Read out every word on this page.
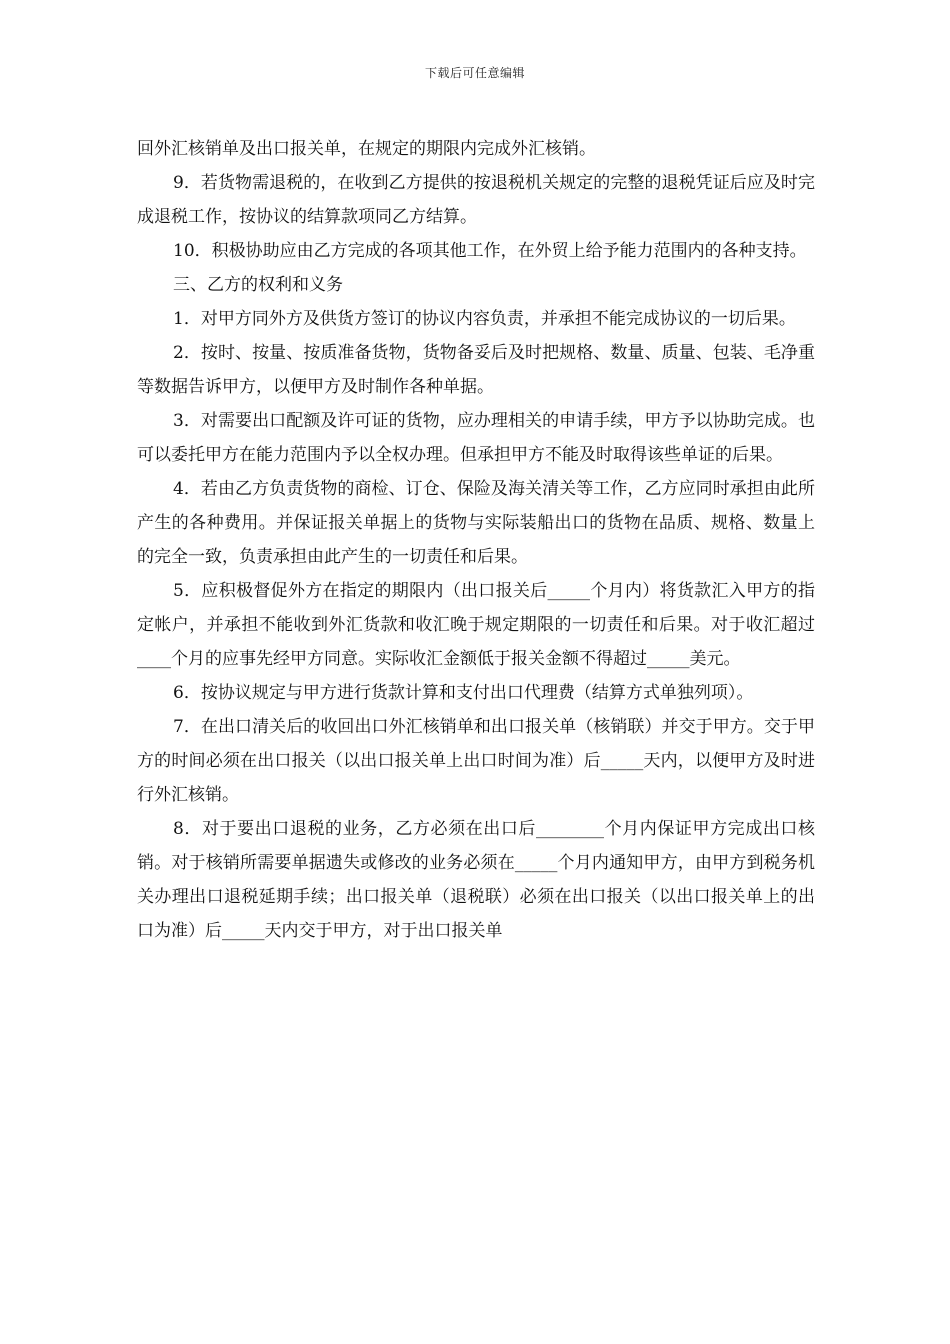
下载后可任意编辑

回外汇核销单及出口报关单，在规定的期限内完成外汇核销。

9．若货物需退税的，在收到乙方提供的按退税机关规定的完整的退税凭证后应及时完成退税工作，按协议的结算款项同乙方结算。

10．积极协助应由乙方完成的各项其他工作，在外贸上给予能力范围内的各种支持。

三、乙方的权利和义务

1．对甲方同外方及供货方签订的协议内容负责，并承担不能完成协议的一切后果。

2．按时、按量、按质准备货物，货物备妥后及时把规格、数量、质量、包装、毛净重等数据告诉甲方，以便甲方及时制作各种单据。

3．对需要出口配额及许可证的货物，应办理相关的申请手续，甲方予以协助完成。也可以委托甲方在能力范围内予以全权办理。但承担甲方不能及时取得该些单证的后果。

4．若由乙方负责货物的商检、订仓、保险及海关清关等工作，乙方应同时承担由此所产生的各种费用。并保证报关单据上的货物与实际装船出口的货物在品质、规格、数量上的完全一致，负责承担由此产生的一切责任和后果。

5．应积极督促外方在指定的期限内（出口报关后_____个月内）将货款汇入甲方的指定帐户，并承担不能收到外汇货款和收汇晚于规定期限的一切责任和后果。对于收汇超过____个月的应事先经甲方同意。实际收汇金额低于报关金额不得超过_____美元。

6．按协议规定与甲方进行货款计算和支付出口代理费（结算方式单独列项）。

7．在出口清关后的收回出口外汇核销单和出口报关单（核销联）并交于甲方。交于甲方的时间必须在出口报关（以出口报关单上出口时间为准）后_____天内，以便甲方及时进行外汇核销。

8．对于要出口退税的业务，乙方必须在出口后________个月内保证甲方完成出口核销。对于核销所需要单据遗失或修改的业务必须在_____个月内通知甲方，由甲方到税务机关办理出口退税延期手续；出口报关单（退税联）必须在出口报关（以出口报关单上的出口为准）后_____天内交于甲方，对于出口报关单
